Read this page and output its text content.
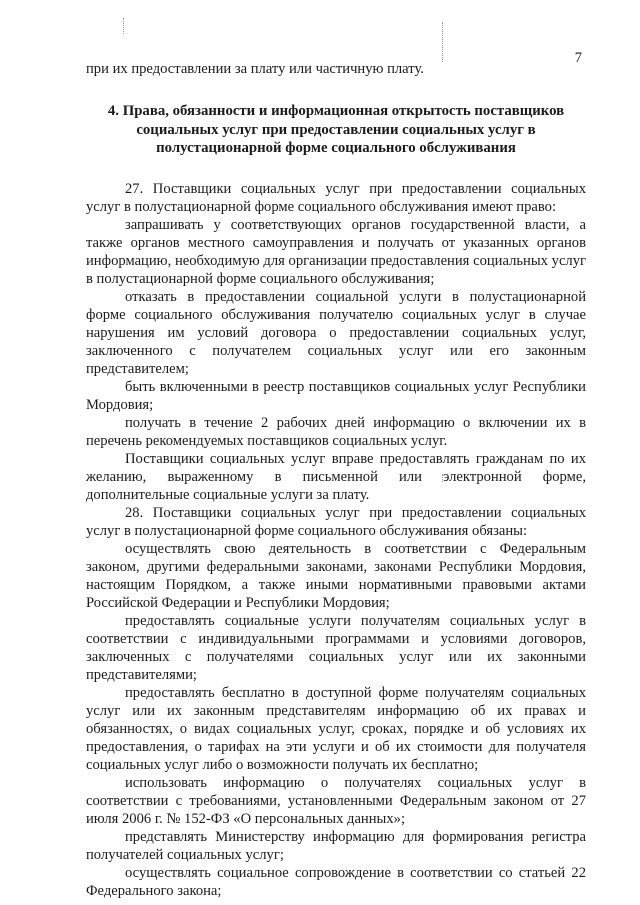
7

при их предоставлении за плату или частичную плату.

4. Права, обязанности и информационная открытость поставщиков социальных услуг при предоставлении социальных услуг в полустационарной форме социального обслуживания

27. Поставщики социальных услуг при предоставлении социальных услуг в полустационарной форме социального обслуживания имеют право:

запрашивать у соответствующих органов государственной власти, а также органов местного самоуправления и получать от указанных органов информацию, необходимую для организации предоставления социальных услуг в полустационарной форме социального обслуживания;

отказать в предоставлении социальной услуги в полустационарной форме социального обслуживания получателю социальных услуг в случае нарушения им условий договора о предоставлении социальных услуг, заключенного с получателем социальных услуг или его законным представителем;

быть включенными в реестр поставщиков социальных услуг Республики Мордовия;

получать в течение 2 рабочих дней информацию о включении их в перечень рекомендуемых поставщиков социальных услуг.

Поставщики социальных услуг вправе предоставлять гражданам по их желанию, выраженному в письменной или электронной форме, дополнительные социальные услуги за плату.

28. Поставщики социальных услуг при предоставлении социальных услуг в полустационарной форме социального обслуживания обязаны:

осуществлять свою деятельность в соответствии с Федеральным законом, другими федеральными законами, законами Республики Мордовия, настоящим Порядком, а также иными нормативными правовыми актами Российской Федерации и Республики Мордовия;

предоставлять социальные услуги получателям социальных услуг в соответствии с индивидуальными программами и условиями договоров, заключенных с получателями социальных услуг или их законными представителями;

предоставлять бесплатно в доступной форме получателям социальных услуг или их законным представителям информацию об их правах и обязанностях, о видах социальных услуг, сроках, порядке и об условиях их предоставления, о тарифах на эти услуги и об их стоимости для получателя социальных услуг либо о возможности получать их бесплатно;

использовать информацию о получателях социальных услуг в соответствии с требованиями, установленными Федеральным законом от 27 июля 2006 г. № 152-ФЗ «О персональных данных»;

представлять Министерству информацию для формирования регистра получателей социальных услуг;

осуществлять социальное сопровождение в соответствии со статьей 22 Федерального закона;
